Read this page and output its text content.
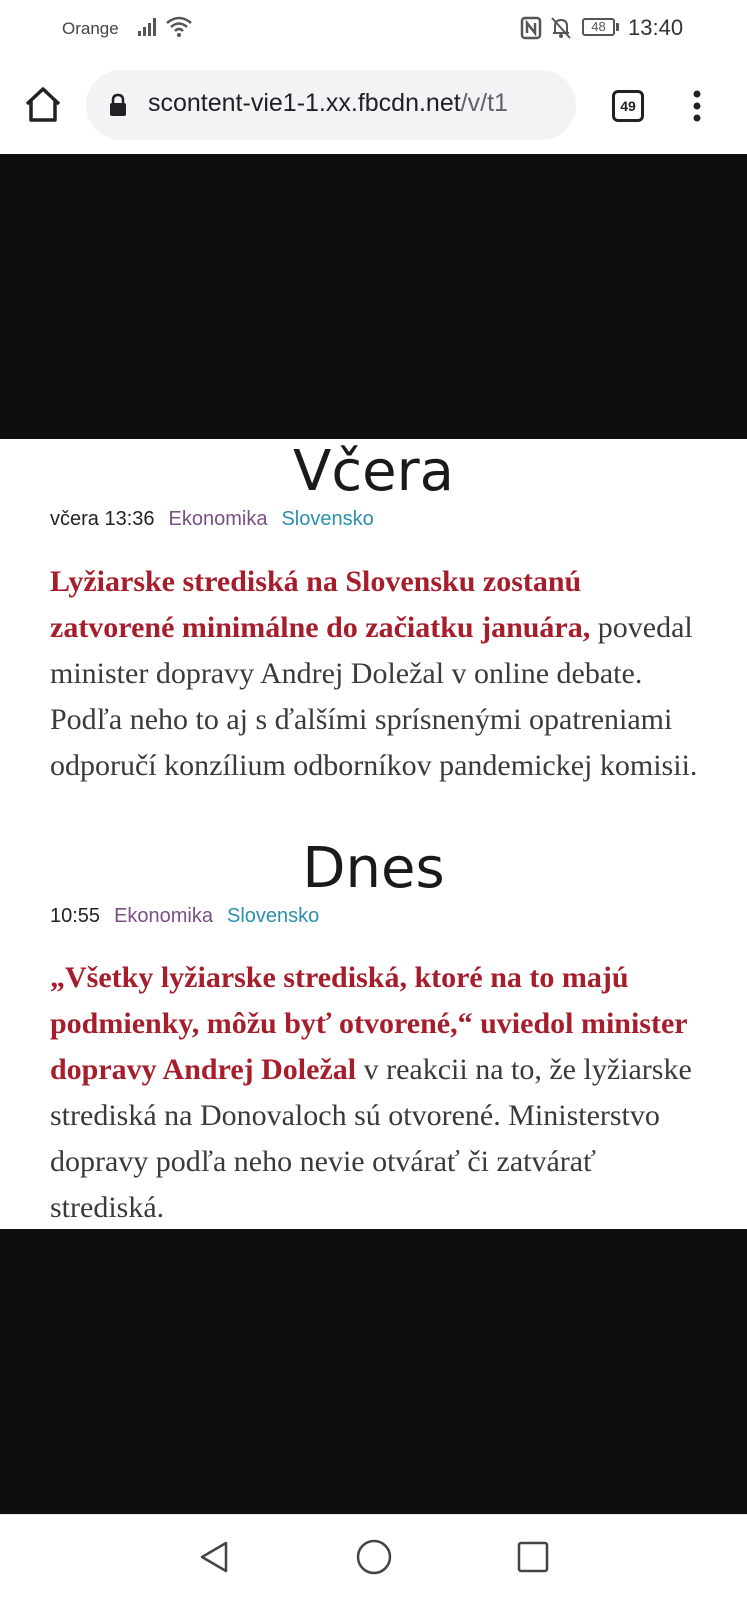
Orange	48	13:40
scontent-vie1-1.xx.fbcdn.net/v/t1	49
Včera
včera 13:36 Ekonomika Slovensko
Lyžiarske strediská na Slovensku zostanú zatvorené minimálne do začiatku januára, povedal minister dopravy Andrej Doležal v online debate. Podľa neho to aj s ďalšími sprísnenými opatreniami odporučí konzílium odborníkov pandemickej komisii.
Dnes
10:55 Ekonomika Slovensko
„Všetky lyžiarske strediská, ktoré na to majú podmienky, môžu byť otvorené,“ uviedol minister dopravy Andrej Doležal v reakcii na to, že lyžiarske strediská na Donovaloch sú otvorené. Ministerstvo dopravy podľa neho nevie otvárať či zatvárať strediská.
